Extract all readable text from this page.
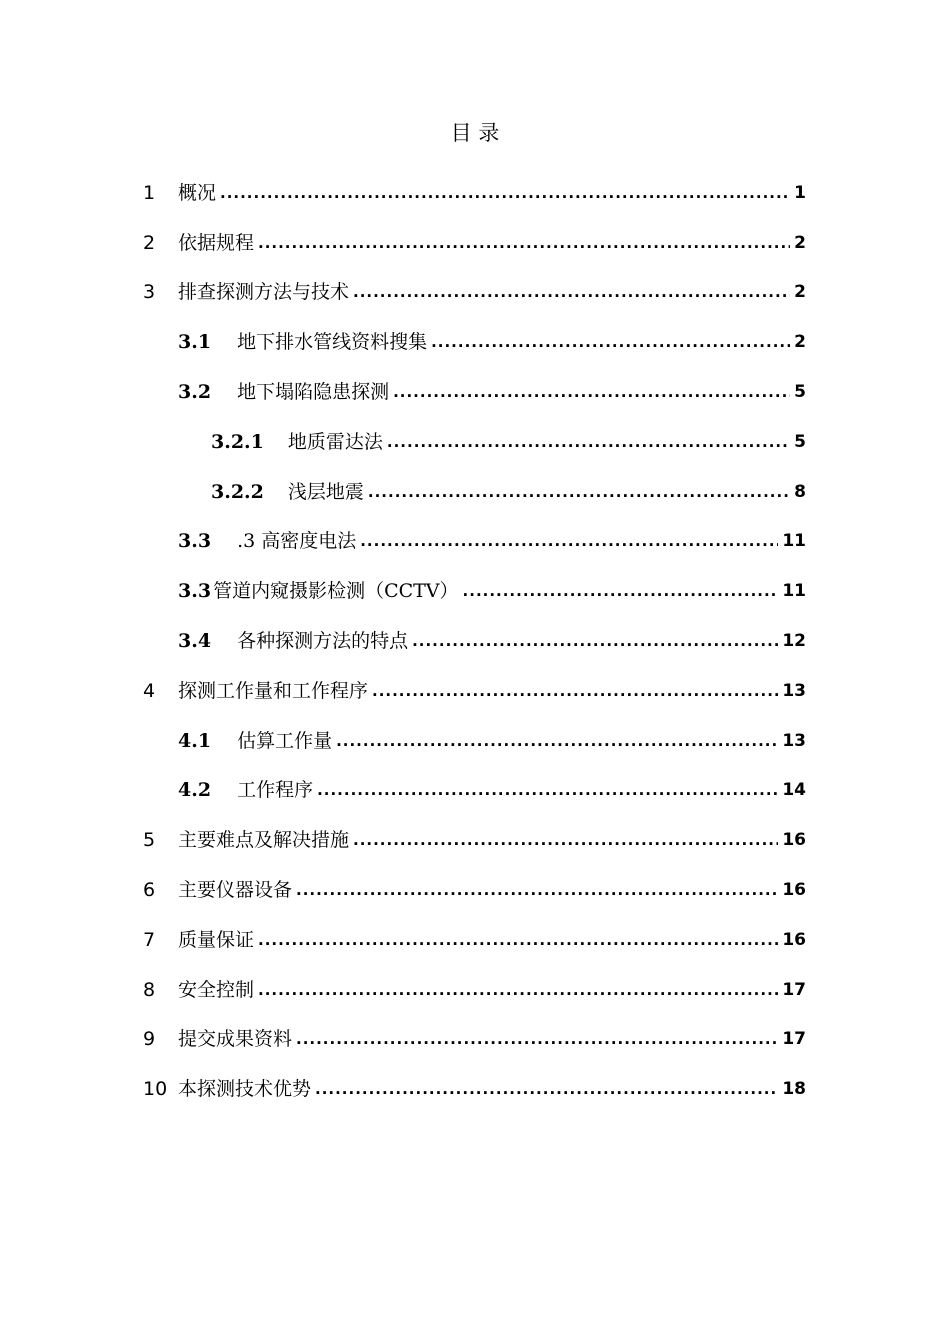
目 录
1	概况 .....	1
2	依据规程 .....	2
3	排查探测方法与技术 .....	2
3.1	地下排水管线资料搜集 .....	2
3.2	地下塌陷隐患探测 .....	5
3.2.1	地质雷达法 .....	5
3.2.2	浅层地震 .....	8
3.3	.3 高密度电法 .....	11
3.3 管道内窥摄影检测（CCTV） .....	11
3.4	各种探测方法的特点 .....	12
4	探测工作量和工作程序 .....	13
4.1	估算工作量 .....	13
4.2	工作程序 .....	14
5	主要难点及解决措施 .....	16
6	主要仪器设备 .....	16
7	质量保证 .....	16
8	安全控制 .....	17
9	提交成果资料 .....	17
10 本探测技术优势 .....	18
